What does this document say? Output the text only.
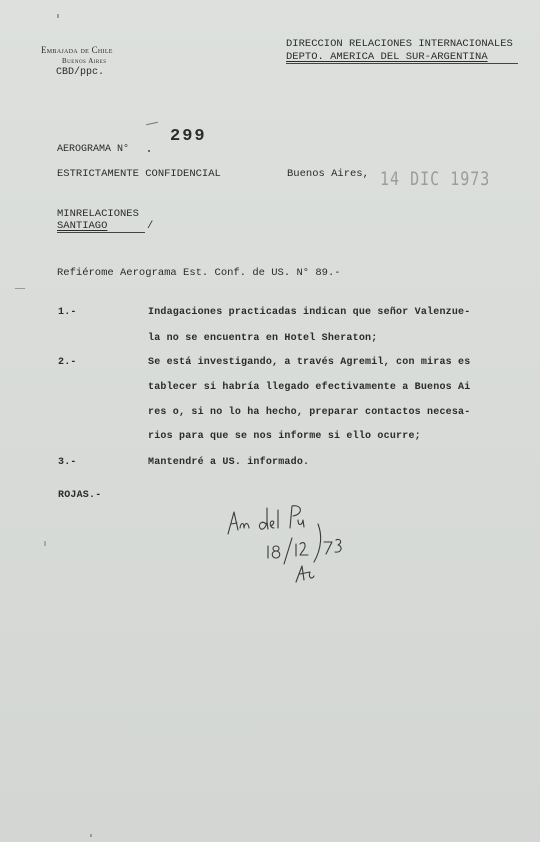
Embajada de Chile
Buenos Aires
CBD/ppc.
DIRECCION RELACIONES INTERNACIONALES
DEPTO. AMERICA DEL SUR-ARGENTINA
AEROGRAMA N°
299
ESTRICTAMENTE CONFIDENCIAL	Buenos Aires, 14 DIC 1973
MINRELACIONES
SANTIAGO	/
Refiérome Aerograma Est. Conf. de US. N° 89.-
1.-	Indagaciones practicadas indican que señor Valenzue-
la no se encuentra en Hotel Sheraton;
2.-	Se está investigando, a través Agremil, con miras es
tablecer si habría llegado efectivamente a Buenos Ai
res o, si no lo ha hecho, preparar contactos necesa-
rios para que se nos informe si ello ocurre;
3.-	Mantendré a US. informado.
ROJAS.-
